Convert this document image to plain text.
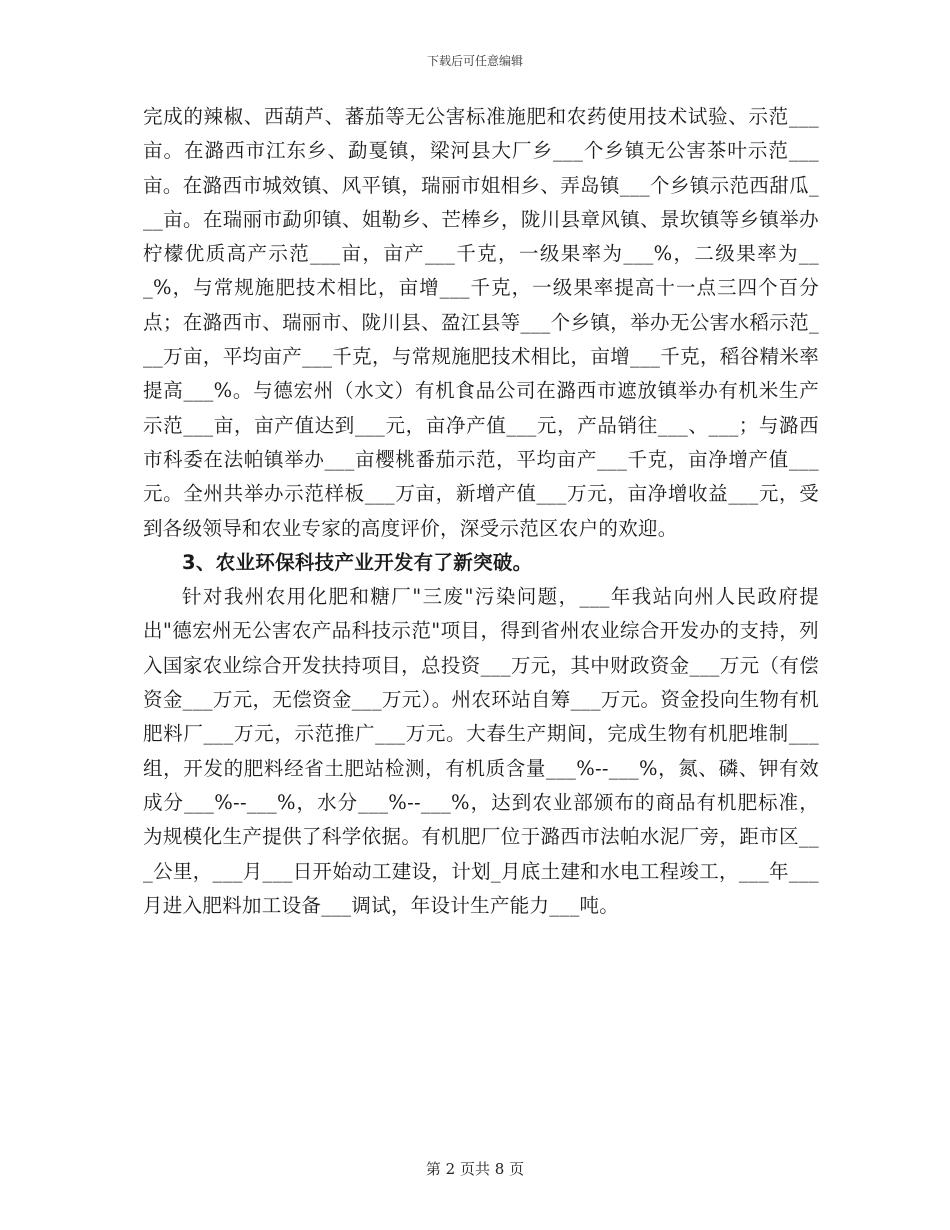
下载后可任意编辑

完成的辣椒、西葫芦、蕃茄等无公害标准施肥和农药使用技术试验、示范___亩。在潞西市江东乡、勐戛镇，梁河县大厂乡___个乡镇无公害茶叶示范___亩。在潞西市城效镇、风平镇，瑞丽市姐相乡、弄岛镇___个乡镇示范西甜瓜___亩。在瑞丽市勐卯镇、姐勒乡、芒棒乡，陇川县章风镇、景坎镇等乡镇举办柠檬优质高产示范___亩，亩产___千克，一级果率为___%，二级果率为___%，与常规施肥技术相比，亩增___千克，一级果率提高十一点三四个百分点；在潞西市、瑞丽市、陇川县、盈江县等___个乡镇，举办无公害水稻示范___万亩，平均亩产___千克，与常规施肥技术相比，亩增___千克，稻谷精米率提高___%。与德宏州（水文）有机食品公司在潞西市遮放镇举办有机米生产示范___亩，亩产值达到___元，亩净产值___元，产品销往___、___；与潞西市科委在法帕镇举办___亩樱桃番茄示范，平均亩产___千克，亩净增产值___元。全州共举办示范样板___万亩，新增产值___万元，亩净增收益___元，受到各级领导和农业专家的高度评价，深受示范区农户的欢迎。

3、农业环保科技产业开发有了新突破。

针对我州农用化肥和糖厂"三废"污染问题，___年我站向州人民政府提出"德宏州无公害农产品科技示范"项目，得到省州农业综合开发办的支持，列入国家农业综合开发扶持项目，总投资___万元，其中财政资金___万元（有偿资金___万元，无偿资金___万元）。州农环站自筹___万元。资金投向生物有机肥料厂___万元，示范推广___万元。大春生产期间，完成生物有机肥堆制___组，开发的肥料经省土肥站检测，有机质含量___%--___%，氮、磷、钾有效成分___%--___%，水分___%--___%，达到农业部颁布的商品有机肥标准，为规模化生产提供了科学依据。有机肥厂位于潞西市法帕水泥厂旁，距市区___公里，___月___日开始动工建设，计划_月底土建和水电工程竣工，___年___月进入肥料加工设备___调试，年设计生产能力___吨。

第 2 页共 8 页
